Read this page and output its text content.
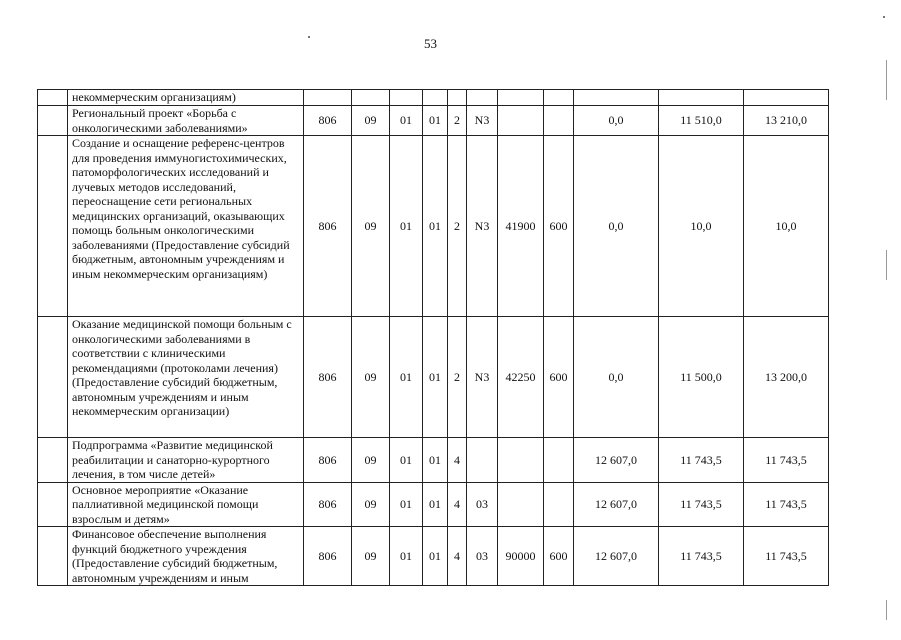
53
	некоммерческим организациям)											
	Региональный проект «Борьба с онкологическими заболеваниями»	806	09	01	01	2	N3			0,0	11 510,0	13 210,0
	Создание и оснащение референс-центров для проведения иммуногистохимических, патоморфологических исследований и лучевых методов исследований, переоснащение сети региональных медицинских организаций, оказывающих помощь больным онкологическими заболеваниями (Предоставление субсидий бюджетным, автономным учреждениям и иным некоммерческим организациям)	806	09	01	01	2	N3	41900	600	0,0	10,0	10,0
	Оказание медицинской помощи больным с онкологическими заболеваниями в соответствии с клиническими рекомендациями (протоколами лечения) (Предоставление субсидий бюджетным, автономным учреждениям и иным некоммерческим организации)	806	09	01	01	2	N3	42250	600	0,0	11 500,0	13 200,0
	Подпрограмма «Развитие медицинской реабилитации и санаторно-курортного лечения, в том числе детей»	806	09	01	01	4				12 607,0	11 743,5	11 743,5
	Основное мероприятие «Оказание паллиативной медицинской помощи взрослым и детям»	806	09	01	01	4	03			12 607,0	11 743,5	11 743,5
	Финансовое обеспечение выполнения функций бюджетного учреждения (Предоставление субсидий бюджетным, автономным учреждениям и иным	806	09	01	01	4	03	90000	600	12 607,0	11 743,5	11 743,5
